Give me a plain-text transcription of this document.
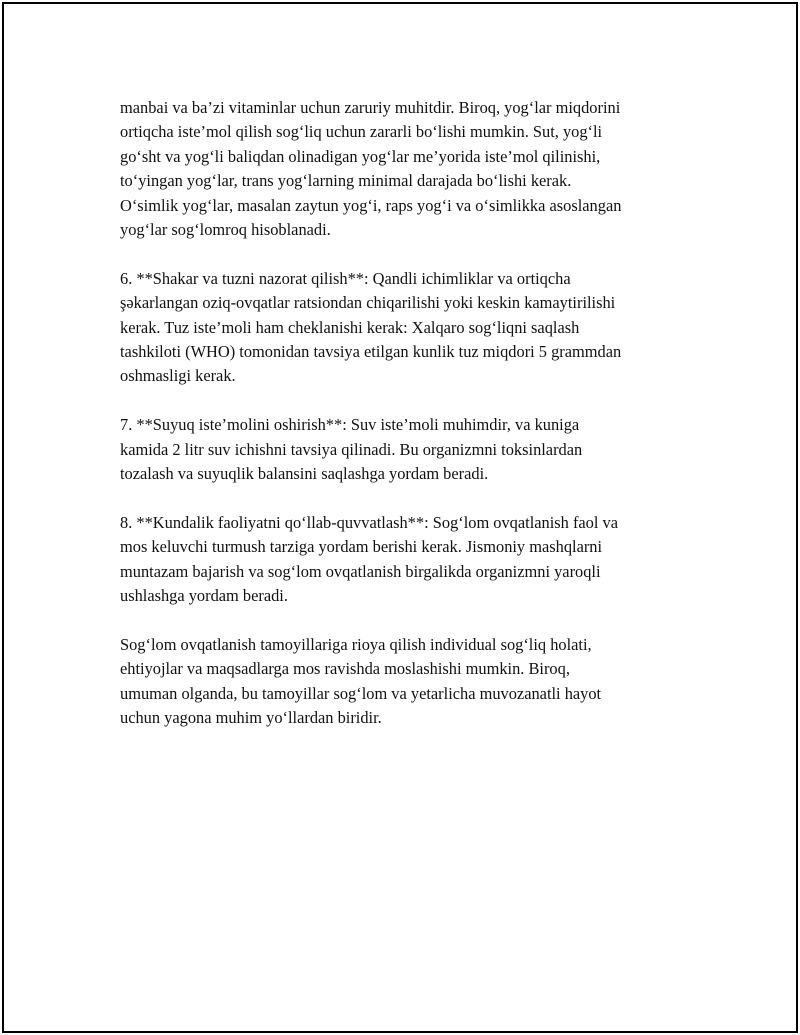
manbai va ba’zi vitaminlar uchun zaruriy muhitdir. Biroq, yog‘lar miqdorini
ortiqcha iste’mol qilish sog‘liq uchun zararli bo‘lishi mumkin. Sut, yog‘li
go‘sht va yog‘li baliqdan olinadigan yog‘lar me’yorida iste’mol qilinishi,
to‘yingan yog‘lar, trans yog‘larning minimal darajada bo‘lishi kerak.
O‘simlik yog‘lar, masalan zaytun yog‘i, raps yog‘i va o‘simlikka asoslangan
yog‘lar sog‘lomroq hisoblanadi.

6. **Shakar va tuzni nazorat qilish**: Qandli ichimliklar va ortiqcha
şəkarlangan oziq-ovqatlar ratsiondan chiqarilishi yoki keskin kamaytirilishi
kerak. Tuz iste’moli ham cheklanishi kerak: Xalqaro sog‘liqni saqlash
tashkiloti (WHO) tomonidan tavsiya etilgan kunlik tuz miqdori 5 grammdan
oshmasligi kerak.

7. **Suyuq iste’molini oshirish**: Suv iste’moli muhimdir, va kuniga
kamida 2 litr suv ichishni tavsiya qilinadi. Bu organizmni toksinlardan
tozalash va suyuqlik balansini saqlashga yordam beradi.

8. **Kundalik faoliyatni qo‘llab-quvvatlash**: Sog‘lom ovqatlanish faol va
mos keluvchi turmush tarziga yordam berishi kerak. Jismoniy mashqlarni
muntazam bajarish va sog‘lom ovqatlanish birgalikda organizmni yaroqli
ushlashga yordam beradi.

Sog‘lom ovqatlanish tamoyillariga rioya qilish individual sog‘liq holati,
ehtiyojlar va maqsadlarga mos ravishda moslashishi mumkin. Biroq,
umuman olganda, bu tamoyillar sog‘lom va yetarlicha muvozanatli hayot
uchun yagona muhim yo‘llardan biridir.
